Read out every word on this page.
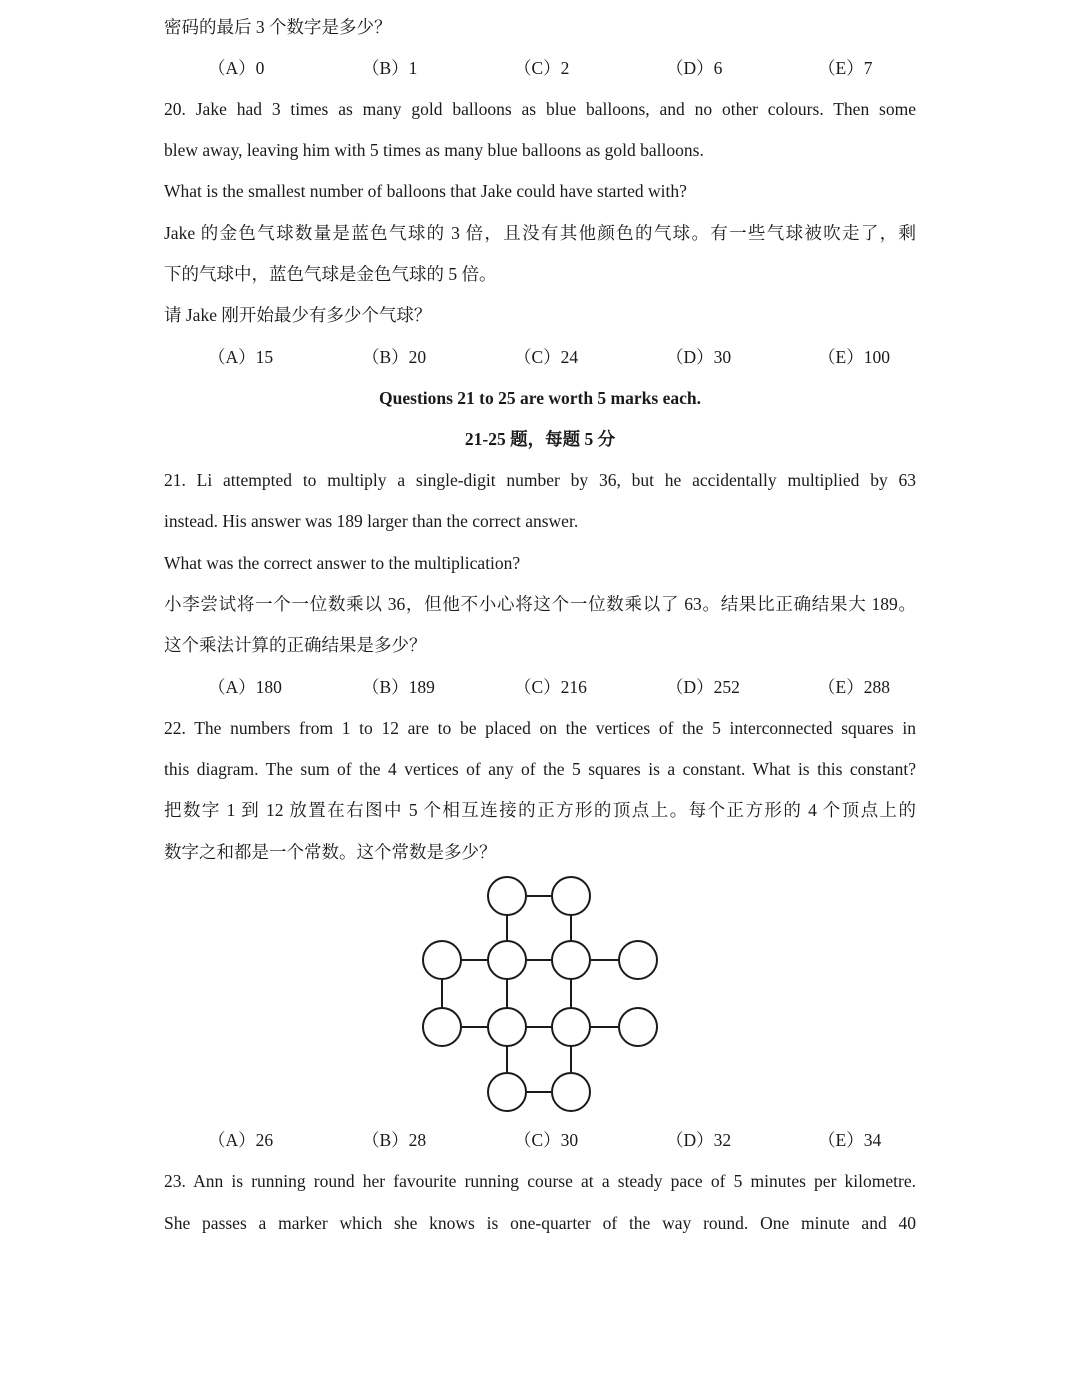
密码的最后 3 个数字是多少？
（A）0	（B）1	（C）2	（D）6	（E）7
20. Jake had 3 times as many gold balloons as blue balloons, and no other colours. Then some
blew away, leaving him with 5 times as many blue balloons as gold balloons.
What is the smallest number of balloons that Jake could have started with?
Jake 的金色气球数量是蓝色气球的 3 倍，且没有其他颜色的气球。有一些气球被吹走了，剩
下的气球中，蓝色气球是金色气球的 5 倍。
请 Jake 刚开始最少有多少个气球？
（A）15	（B）20	（C）24	（D）30	（E）100
Questions 21 to 25 are worth 5 marks each.
21-25 题，每题 5 分
21. Li attempted to multiply a single-digit number by 36, but he accidentally multiplied by 63
instead. His answer was 189 larger than the correct answer.
What was the correct answer to the multiplication?
小李尝试将一个一位数乘以 36，但他不小心将这个一位数乘以了 63。结果比正确结果大 189。
这个乘法计算的正确结果是多少？
（A）180	（B）189	（C）216	（D）252	（E）288
22. The numbers from 1 to 12 are to be placed on the vertices of the 5 interconnected squares in
this diagram. The sum of the 4 vertices of any of the 5 squares is a constant. What is this constant?
把数字 1 到 12 放置在右图中 5 个相互连接的正方形的顶点上。每个正方形的 4 个顶点上的
数字之和都是一个常数。这个常数是多少？
（A）26	（B）28	（C）30	（D）32	（E）34
23. Ann is running round her favourite running course at a steady pace of 5 minutes per kilometre.
She passes a marker which she knows is one-quarter of the way round. One minute and 40
